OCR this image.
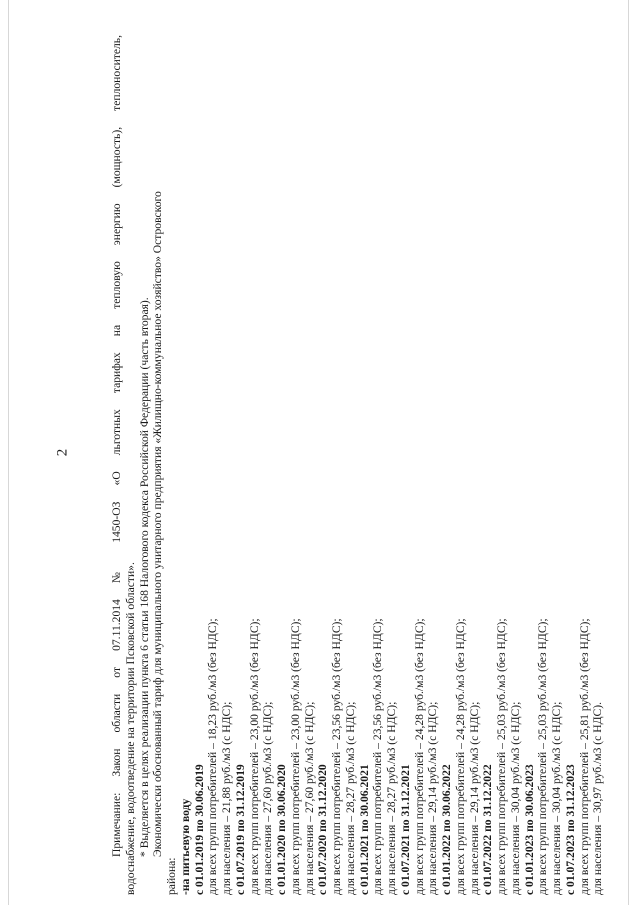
2	Примечание: Закон области от 07.11.2014 № 1450-ОЗ «О льготных тарифах на тепловую энергию (мощность), теплоноситель, водоснабжение, водоотведение на территории Псковской области». * Выделяется в целях реализации пункта 6 статьи 168 Налогового кодекса Российской Федерации (часть вторая). Экономически обоснованный тариф для муниципального унитарного предприятия «Жилищно-коммунальное хозяйство» Островского
района: -на питьевую воду с 01.01.2019 по 30.06.2019 для всех групп потребителей – 18,23 руб./м3 (без НДС); для населения – 21,88 руб./м3 (с НДС); с 01.07.2019 по 31.12.2019 для всех групп потребителей – 23,00 руб./м3 (без НДС); для населения – 27,60 руб./м3 (с НДС); с 01.01.2020 по 30.06.2020 для всех групп потребителей – 23,00 руб./м3 (без НДС); для населения – 27,60 руб./м3 (с НДС); с 01.07.2020 по 31.12.2020 для всех групп потребителей – 23,56 руб./м3 (без НДС); для населения – 28,27 руб./м3 (с НДС); с 01.01.2021 по 30.06.2021 для всех групп потребителей – 23,56 руб./м3 (без НДС); для населения – 28,27 руб./м3 (с НДС); с 01.07.2021 по 31.12.2021 для всех групп потребителей – 24,28 руб./м3 (без НДС); для населения – 29,14 руб./м3 (с НДС); с 01.01.2022 по 30.06.2022 для всех групп потребителей – 24,28 руб./м3 (без НДС); для населения – 29,14 руб./м3 (с НДС); с 01.07.2022 по 31.12.2022 для всех групп потребителей – 25,03 руб./м3 (без НДС); для населения – 30,04 руб./м3 (с НДС); с 01.01.2023 по 30.06.2023 для всех групп потребителей – 25,03 руб./м3 (без НДС); для населения – 30,04 руб./м3 (с НДС); с 01.07.2023 по 31.12.2023 для всех групп потребителей – 25,81 руб./м3 (без НДС); для населения – 30,97 руб./м3 (с НДС).
